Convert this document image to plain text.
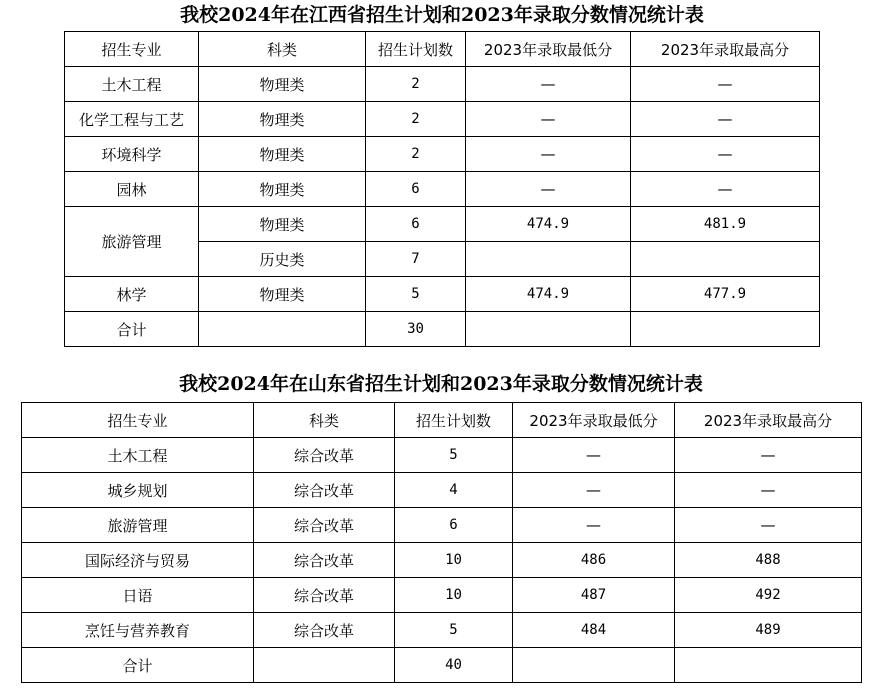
我校2024年在江西省招生计划和2023年录取分数情况统计表
招生专业	科类	招生计划数	2023年录取最低分	2023年录取最高分
土木工程	物理类	2	—	—
化学工程与工艺	物理类	2	—	—
环境科学	物理类	2	—	—
园林	物理类	6	—	—
旅游管理	物理类	6	474.9	481.9
	历史类	7		
林学	物理类	5	474.9	477.9
合计		30		
我校2024年在山东省招生计划和2023年录取分数情况统计表
招生专业	科类	招生计划数	2023年录取最低分	2023年录取最高分
土木工程	综合改革	5	—	—
城乡规划	综合改革	4	—	—
旅游管理	综合改革	6	—	—
国际经济与贸易	综合改革	10	486	488
日语	综合改革	10	487	492
烹饪与营养教育	综合改革	5	484	489
合计		40		
